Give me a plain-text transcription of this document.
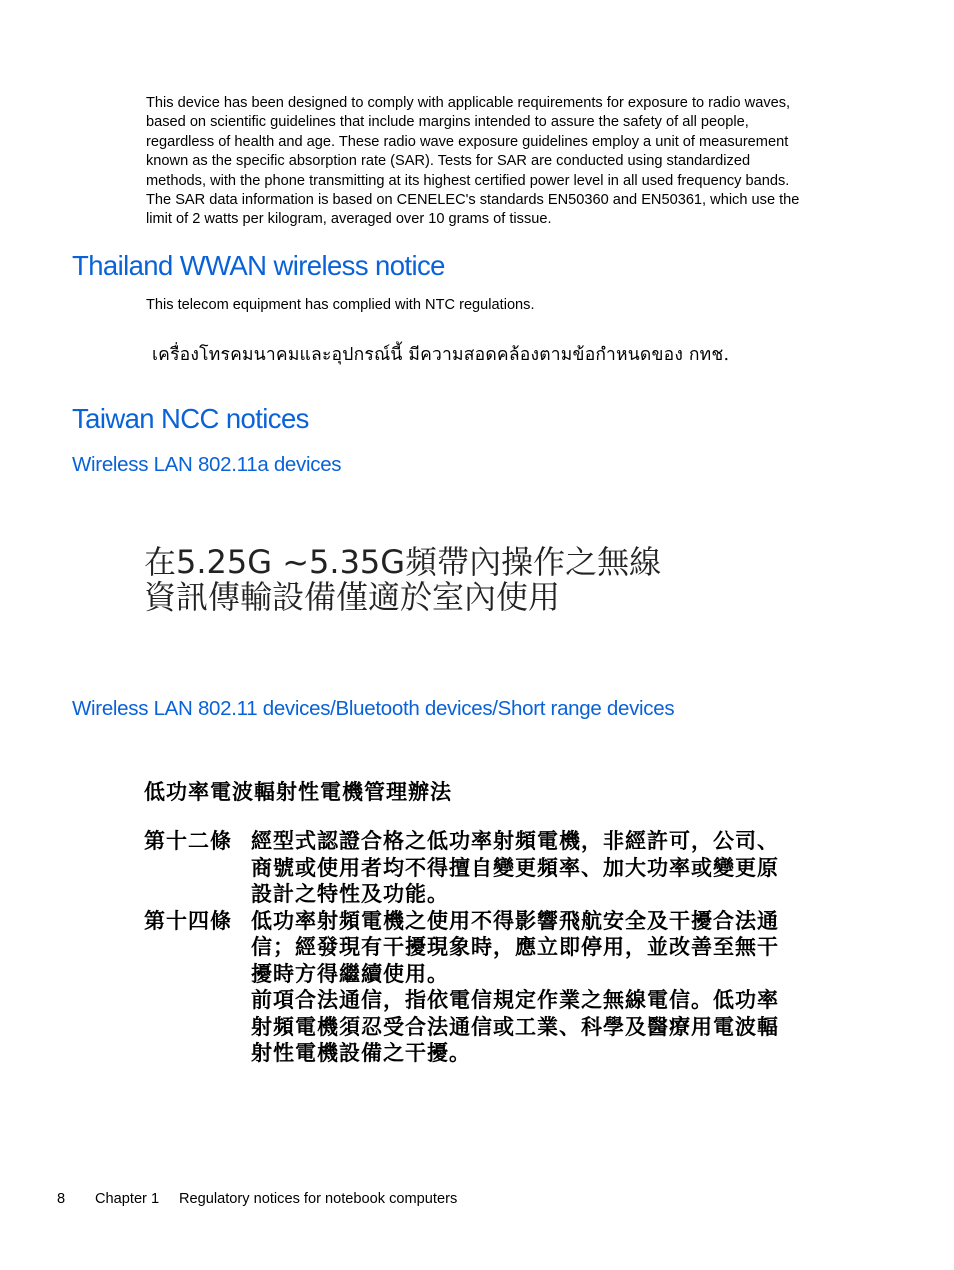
This device has been designed to comply with applicable requirements for exposure to radio waves,
based on scientific guidelines that include margins intended to assure the safety of all people,
regardless of health and age. These radio wave exposure guidelines employ a unit of measurement
known as the specific absorption rate (SAR). Tests for SAR are conducted using standardized
methods, with the phone transmitting at its highest certified power level in all used frequency bands.
The SAR data information is based on CENELEC's standards EN50360 and EN50361, which use the
limit of 2 watts per kilogram, averaged over 10 grams of tissue.
Thailand WWAN wireless notice

This telecom equipment has complied with NTC regulations.

เครื่องโทรคมนาคมและอุปกรณ์นี้ มีความสอดคล้องตามข้อกำหนดของ กทช.

Taiwan NCC notices
Wireless LAN 802.11a devices
在5.25G ~5.35G頻帶內操作之無線
資訊傳輸設備僅適於室內使用
Wireless LAN 802.11 devices/Bluetooth devices/Short range devices

低功率電波輻射性電機管理辦法

第十二條 經型式認證合格之低功率射頻電機，非經許可，公司、
商號或使用者均不得擅自變更頻率、加大功率或變更原
設計之特性及功能。
第十四條 低功率射頻電機之使用不得影響飛航安全及干擾合法通
信；經發現有干擾現象時，應立即停用，並改善至無干
擾時方得繼續使用。
前項合法通信，指依電信規定作業之無線電信。低功率
射頻電機須忍受合法通信或工業、科學及醫療用電波輻
射性電機設備之干擾。

8 Chapter 1 Regulatory notices for notebook computers
